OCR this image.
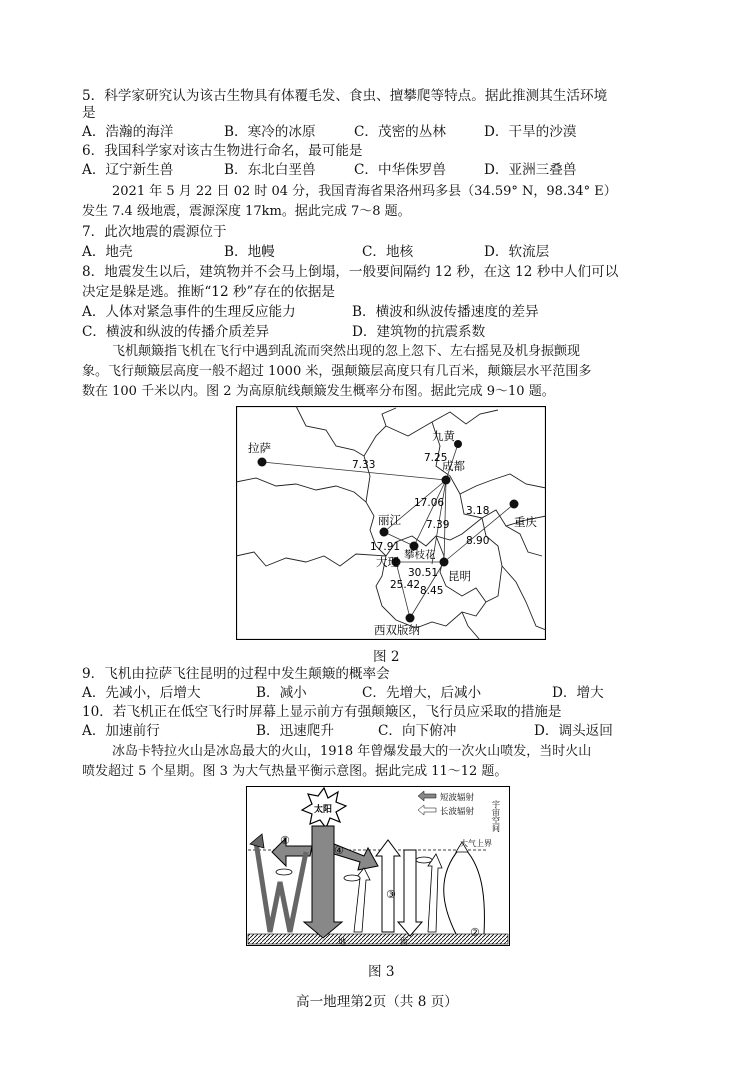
5．科学家研究认为该古生物具有体覆毛发、食虫、擅攀爬等特点。据此推测其生活环境
是
A．浩瀚的海洋	B．寒冷的冰原	C．茂密的丛林	D．干旱的沙漠
6．我国科学家对该古生物进行命名，最可能是
A．辽宁新生兽	B．东北白垩兽	C．中华侏罗兽	D．亚洲三叠兽
2021 年 5 月 22 日 02 时 04 分，我国青海省果洛州玛多县（34.59° N，98.34° E）
发生 7.4 级地震，震源深度 17km。据此完成 7～8 题。
7．此次地震的震源位于
A．地壳	B．地幔	C．地核	D．软流层
8．地震发生以后，建筑物并不会马上倒塌，一般要间隔约 12 秒，在这 12 秒中人们可以
决定是躲是逃。推断“12 秒”存在的依据是
A．人体对紧急事件的生理反应能力	B．横波和纵波传播速度的差异
C．横波和纵波的传播介质差异	D．建筑物的抗震系数
飞机颠簸指飞机在飞行中遇到乱流而突然出现的忽上忽下、左右摇晃及机身振颤现
象。飞行颠簸层高度一般不超过 1000 米，强颠簸层高度只有几百米，颠簸层水平范围多
数在 100 千米以内。图 2 为高原航线颠簸发生概率分布图。据此完成 9～10 题。
拉萨
九黄
成都
重庆
丽江
攀枝花
大理
昆明
西双版纳
7.33
7.25
17.06
7.39
3.18
8.90
17.91
30.51
25.42 8.45
图 2
9．飞机由拉萨飞往昆明的过程中发生颠簸的概率会
A．先减小，后增大	B．减小	C．先增大，后减小	D．增大
10．若飞机正在低空飞行时屏幕上显示前方有强颠簸区，飞行员应采取的措施是
A．加速前行	B．迅速爬升	C．向下俯冲	D．调头返回
冰岛卡特拉火山是冰岛最大的火山，1918 年曾爆发最大的一次火山喷发，当时火山
喷发超过 5 个星期。图 3 为大气热量平衡示意图。据此完成 11～12 题。
太阳
①
②
③
④
短波辐射
长波辐射 宇宙空间
大气上界
地	面
图 3
高一地理第2页（共 8 页）
